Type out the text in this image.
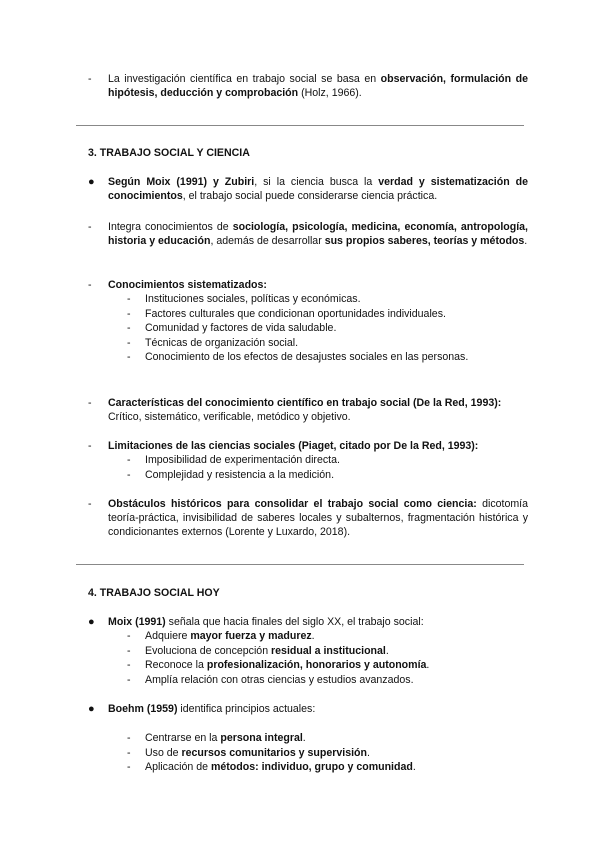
-	La investigación científica en trabajo social se basa en observación, formulación de hipótesis, deducción y comprobación (Holz, 1966).
3. TRABAJO SOCIAL Y CIENCIA
● Según Moix (1991) y Zubiri, si la ciencia busca la verdad y sistematización de conocimientos, el trabajo social puede considerarse ciencia práctica.
-	Integra conocimientos de sociología, psicología, medicina, economía, antropología, historia y educación, además de desarrollar sus propios saberes, teorías y métodos.
-	Conocimientos sistematizados:
- Instituciones sociales, políticas y económicas.
- Factores culturales que condicionan oportunidades individuales.
- Comunidad y factores de vida saludable.
- Técnicas de organización social.
- Conocimiento de los efectos de desajustes sociales en las personas.
-	Características del conocimiento científico en trabajo social (De la Red, 1993):
Crítico, sistemático, verificable, metódico y objetivo.
-	Limitaciones de las ciencias sociales (Piaget, citado por De la Red, 1993):
- Imposibilidad de experimentación directa.
- Complejidad y resistencia a la medición.
-	Obstáculos históricos para consolidar el trabajo social como ciencia: dicotomía teoría-práctica, invisibilidad de saberes locales y subalternos, fragmentación histórica y condicionantes externos (Lorente y Luxardo, 2018).
4. TRABAJO SOCIAL HOY
● Moix (1991) señala que hacia finales del siglo XX, el trabajo social:
- Adquiere mayor fuerza y madurez.
- Evoluciona de concepción residual a institucional.
- Reconoce la profesionalización, honorarios y autonomía.
- Amplía relación con otras ciencias y estudios avanzados.
● Boehm (1959) identifica principios actuales:
- Centrarse en la persona integral.
- Uso de recursos comunitarios y supervisión.
- Aplicación de métodos: individuo, grupo y comunidad.
